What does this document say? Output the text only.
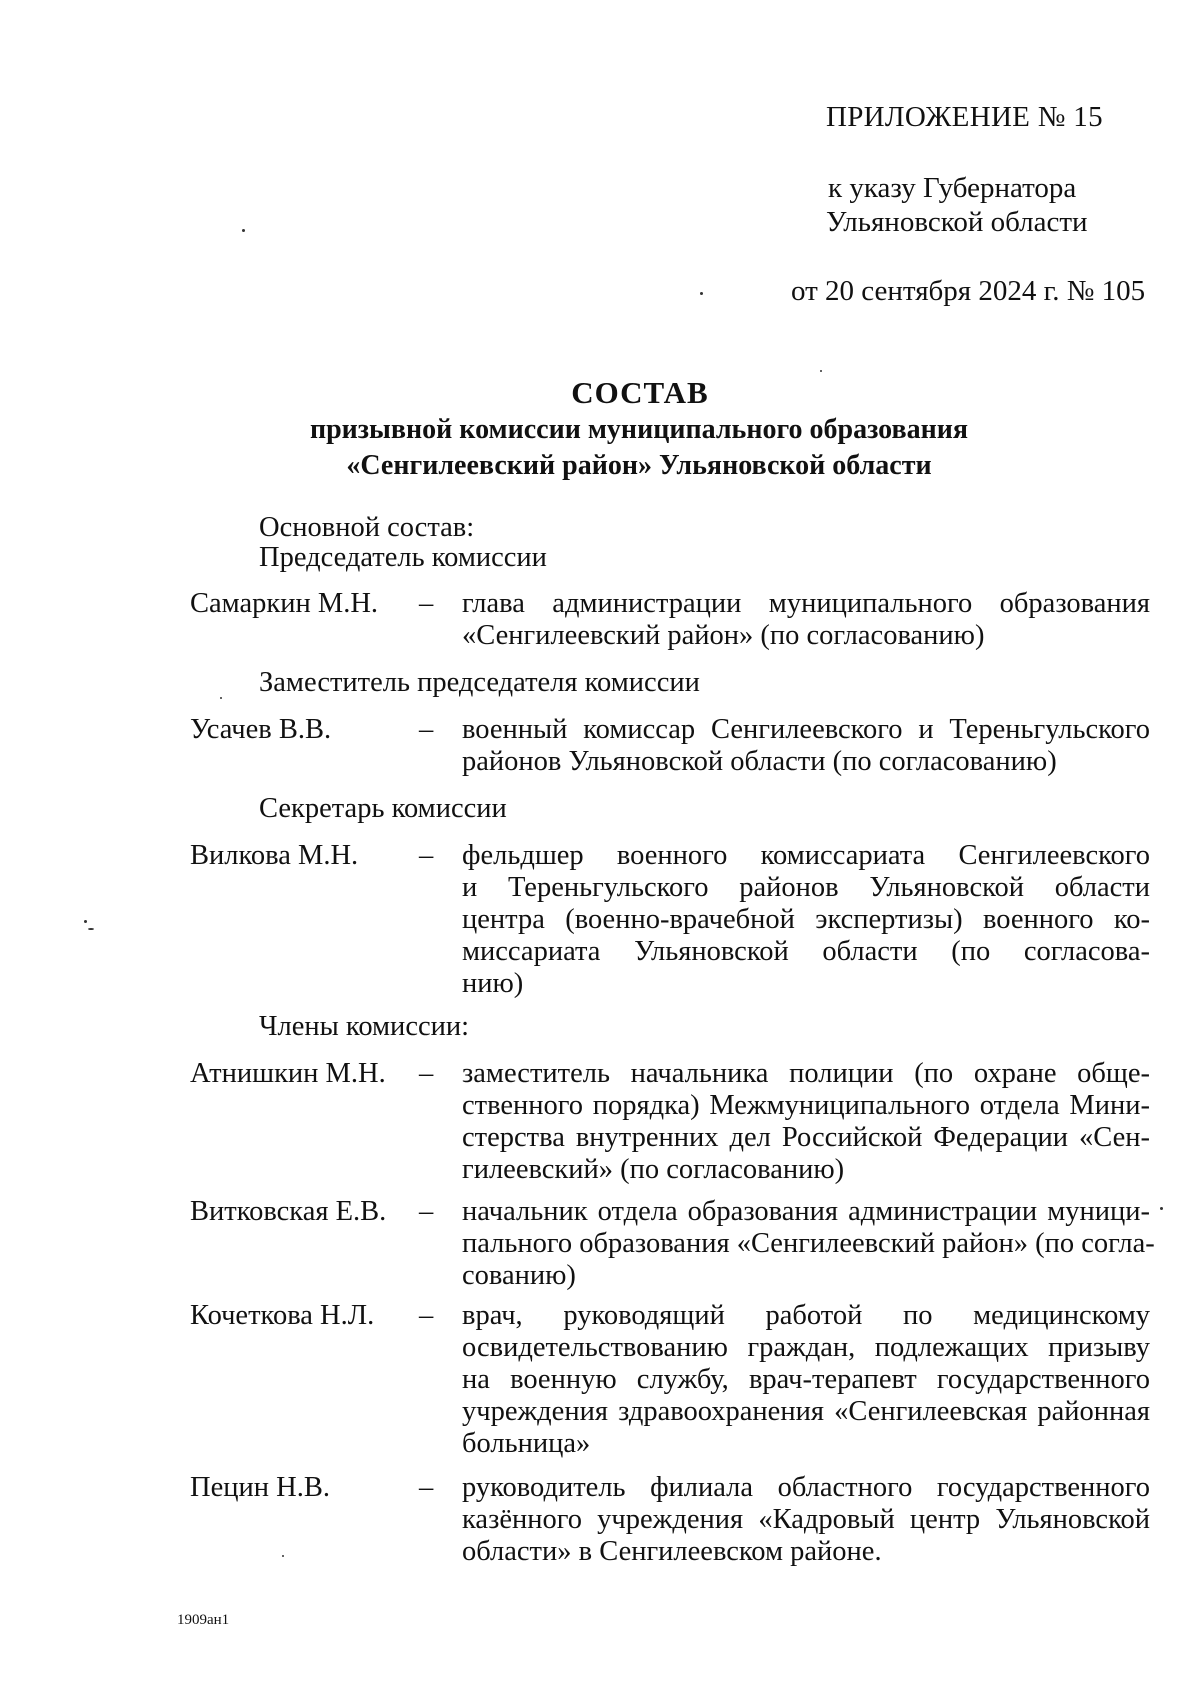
ПРИЛОЖЕНИЕ № 15
к указу Губернатора
Ульяновской области
от 20 сентября 2024 г. № 105
СОСТАВ
призывной комиссии муниципального образования
«Сенгилеевский район» Ульяновской области
Основной состав:
Председатель комиссии
Самаркин М.Н. – глава администрации муниципального образования
«Сенгилеевский район» (по согласованию)
Заместитель председателя комиссии
Усачев В.В.	– военный комиссар Сенгилеевского и Тереньгульского
районов Ульяновской области (по согласованию)
Секретарь комиссии
Вилкова М.Н. – фельдшер военного комиссариата Сенгилеевского
и Тереньгульского районов Ульяновской области
центра (военно-врачебной экспертизы) военного ко-
миссариата Ульяновской области (по согласова-
нию)
Члены комиссии:
Атнишкин М.Н. – заместитель начальника полиции (по охране обще-
ственного порядка) Межмуниципального отдела Мини-
стерства внутренних дел Российской Федерации «Сен-
гилеевский» (по согласованию)
Витковская Е.В. – начальник отдела образования администрации муници-
пального образования «Сенгилеевский район» (по согла-
сованию)
Кочеткова Н.Л. – врач, руководящий работой по медицинскому
освидетельствованию граждан, подлежащих призыву
на военную службу, врач-терапевт государственного
учреждения здравоохранения «Сенгилеевская районная
больница»
Пецин Н.В.	– руководитель филиала областного государственного
казённого учреждения «Кадровый центр Ульяновской
области» в Сенгилеевском районе.
1909ан1
